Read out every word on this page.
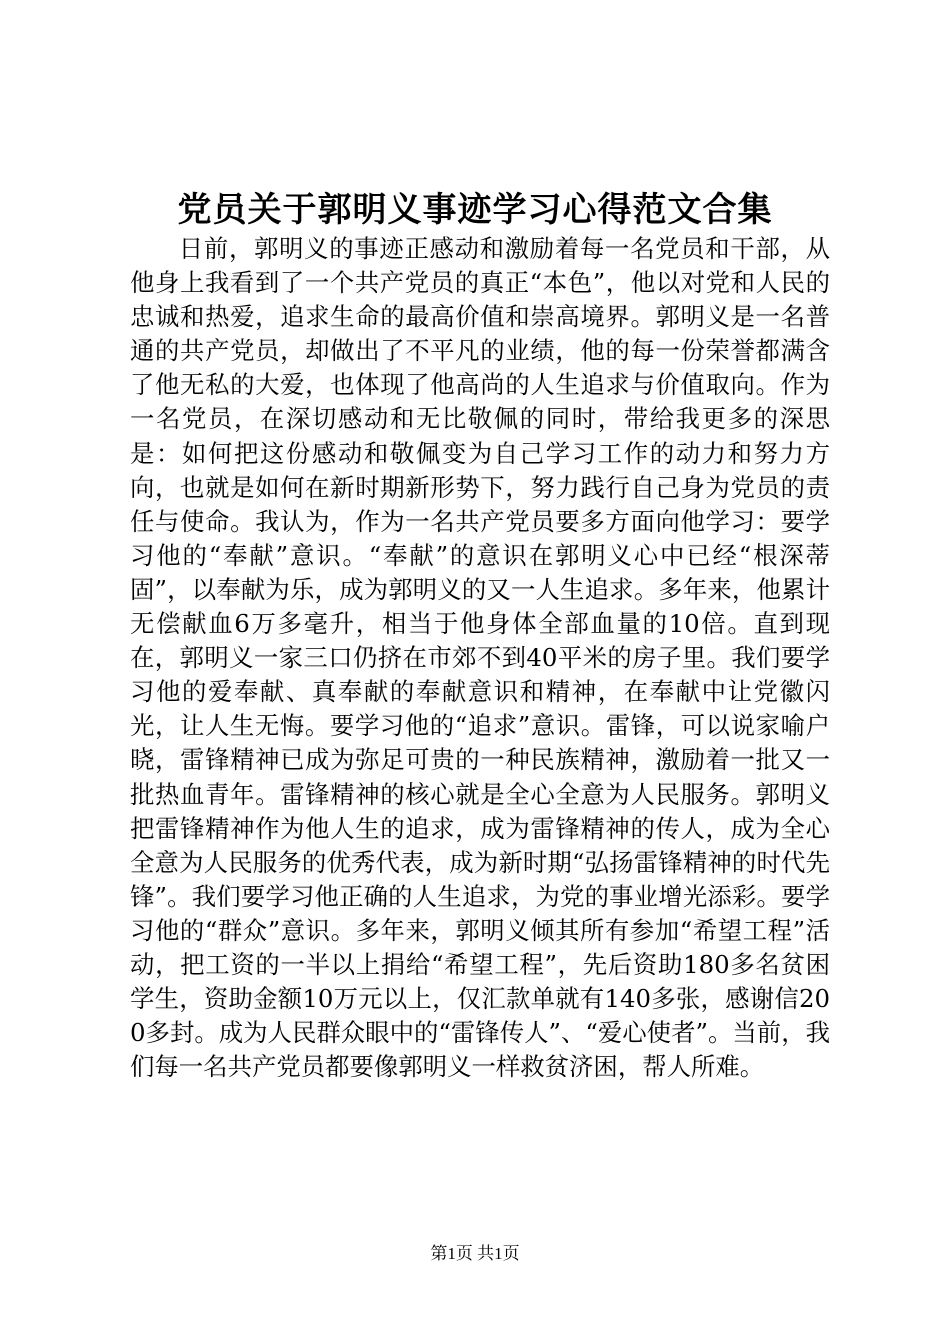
党员关于郭明义事迹学习心得范文合集

日前，郭明义的事迹正感动和激励着每一名党员和干部，从他身上我看到了一个共产党员的真正“本色”，他以对党和人民的忠诚和热爱，追求生命的最高价值和崇高境界。郭明义是一名普通的共产党员，却做出了不平凡的业绩，他的每一份荣誉都满含了他无私的大爱，也体现了他高尚的人生追求与价值取向。作为一名党员，在深切感动和无比敬佩的同时，带给我更多的深思是：如何把这份感动和敬佩变为自己学习工作的动力和努力方向，也就是如何在新时期新形势下，努力践行自己身为党员的责任与使命。我认为，作为一名共产党员要多方面向他学习：要学习他的“奉献”意识。“奉献”的意识在郭明义心中已经“根深蒂固”，以奉献为乐，成为郭明义的又一人生追求。多年来，他累计无偿献血6万多毫升，相当于他身体全部血量的10倍。直到现在，郭明义一家三口仍挤在市郊不到40平米的房子里。我们要学习他的爱奉献、真奉献的奉献意识和精神，在奉献中让党徽闪光，让人生无悔。要学习他的“追求”意识。雷锋，可以说家喻户晓，雷锋精神已成为弥足可贵的一种民族精神，激励着一批又一批热血青年。雷锋精神的核心就是全心全意为人民服务。郭明义把雷锋精神作为他人生的追求，成为雷锋精神的传人，成为全心全意为人民服务的优秀代表，成为新时期“弘扬雷锋精神的时代先锋”。我们要学习他正确的人生追求，为党的事业增光添彩。要学习他的“群众”意识。多年来，郭明义倾其所有参加“希望工程”活动，把工资的一半以上捐给“希望工程”，先后资助180多名贫困学生，资助金额10万元以上，仅汇款单就有140多张，感谢信200多封。成为人民群众眼中的“雷锋传人”、“爱心使者”。当前，我们每一名共产党员都要像郭明义一样救贫济困，帮人所难。

第1页 共1页
